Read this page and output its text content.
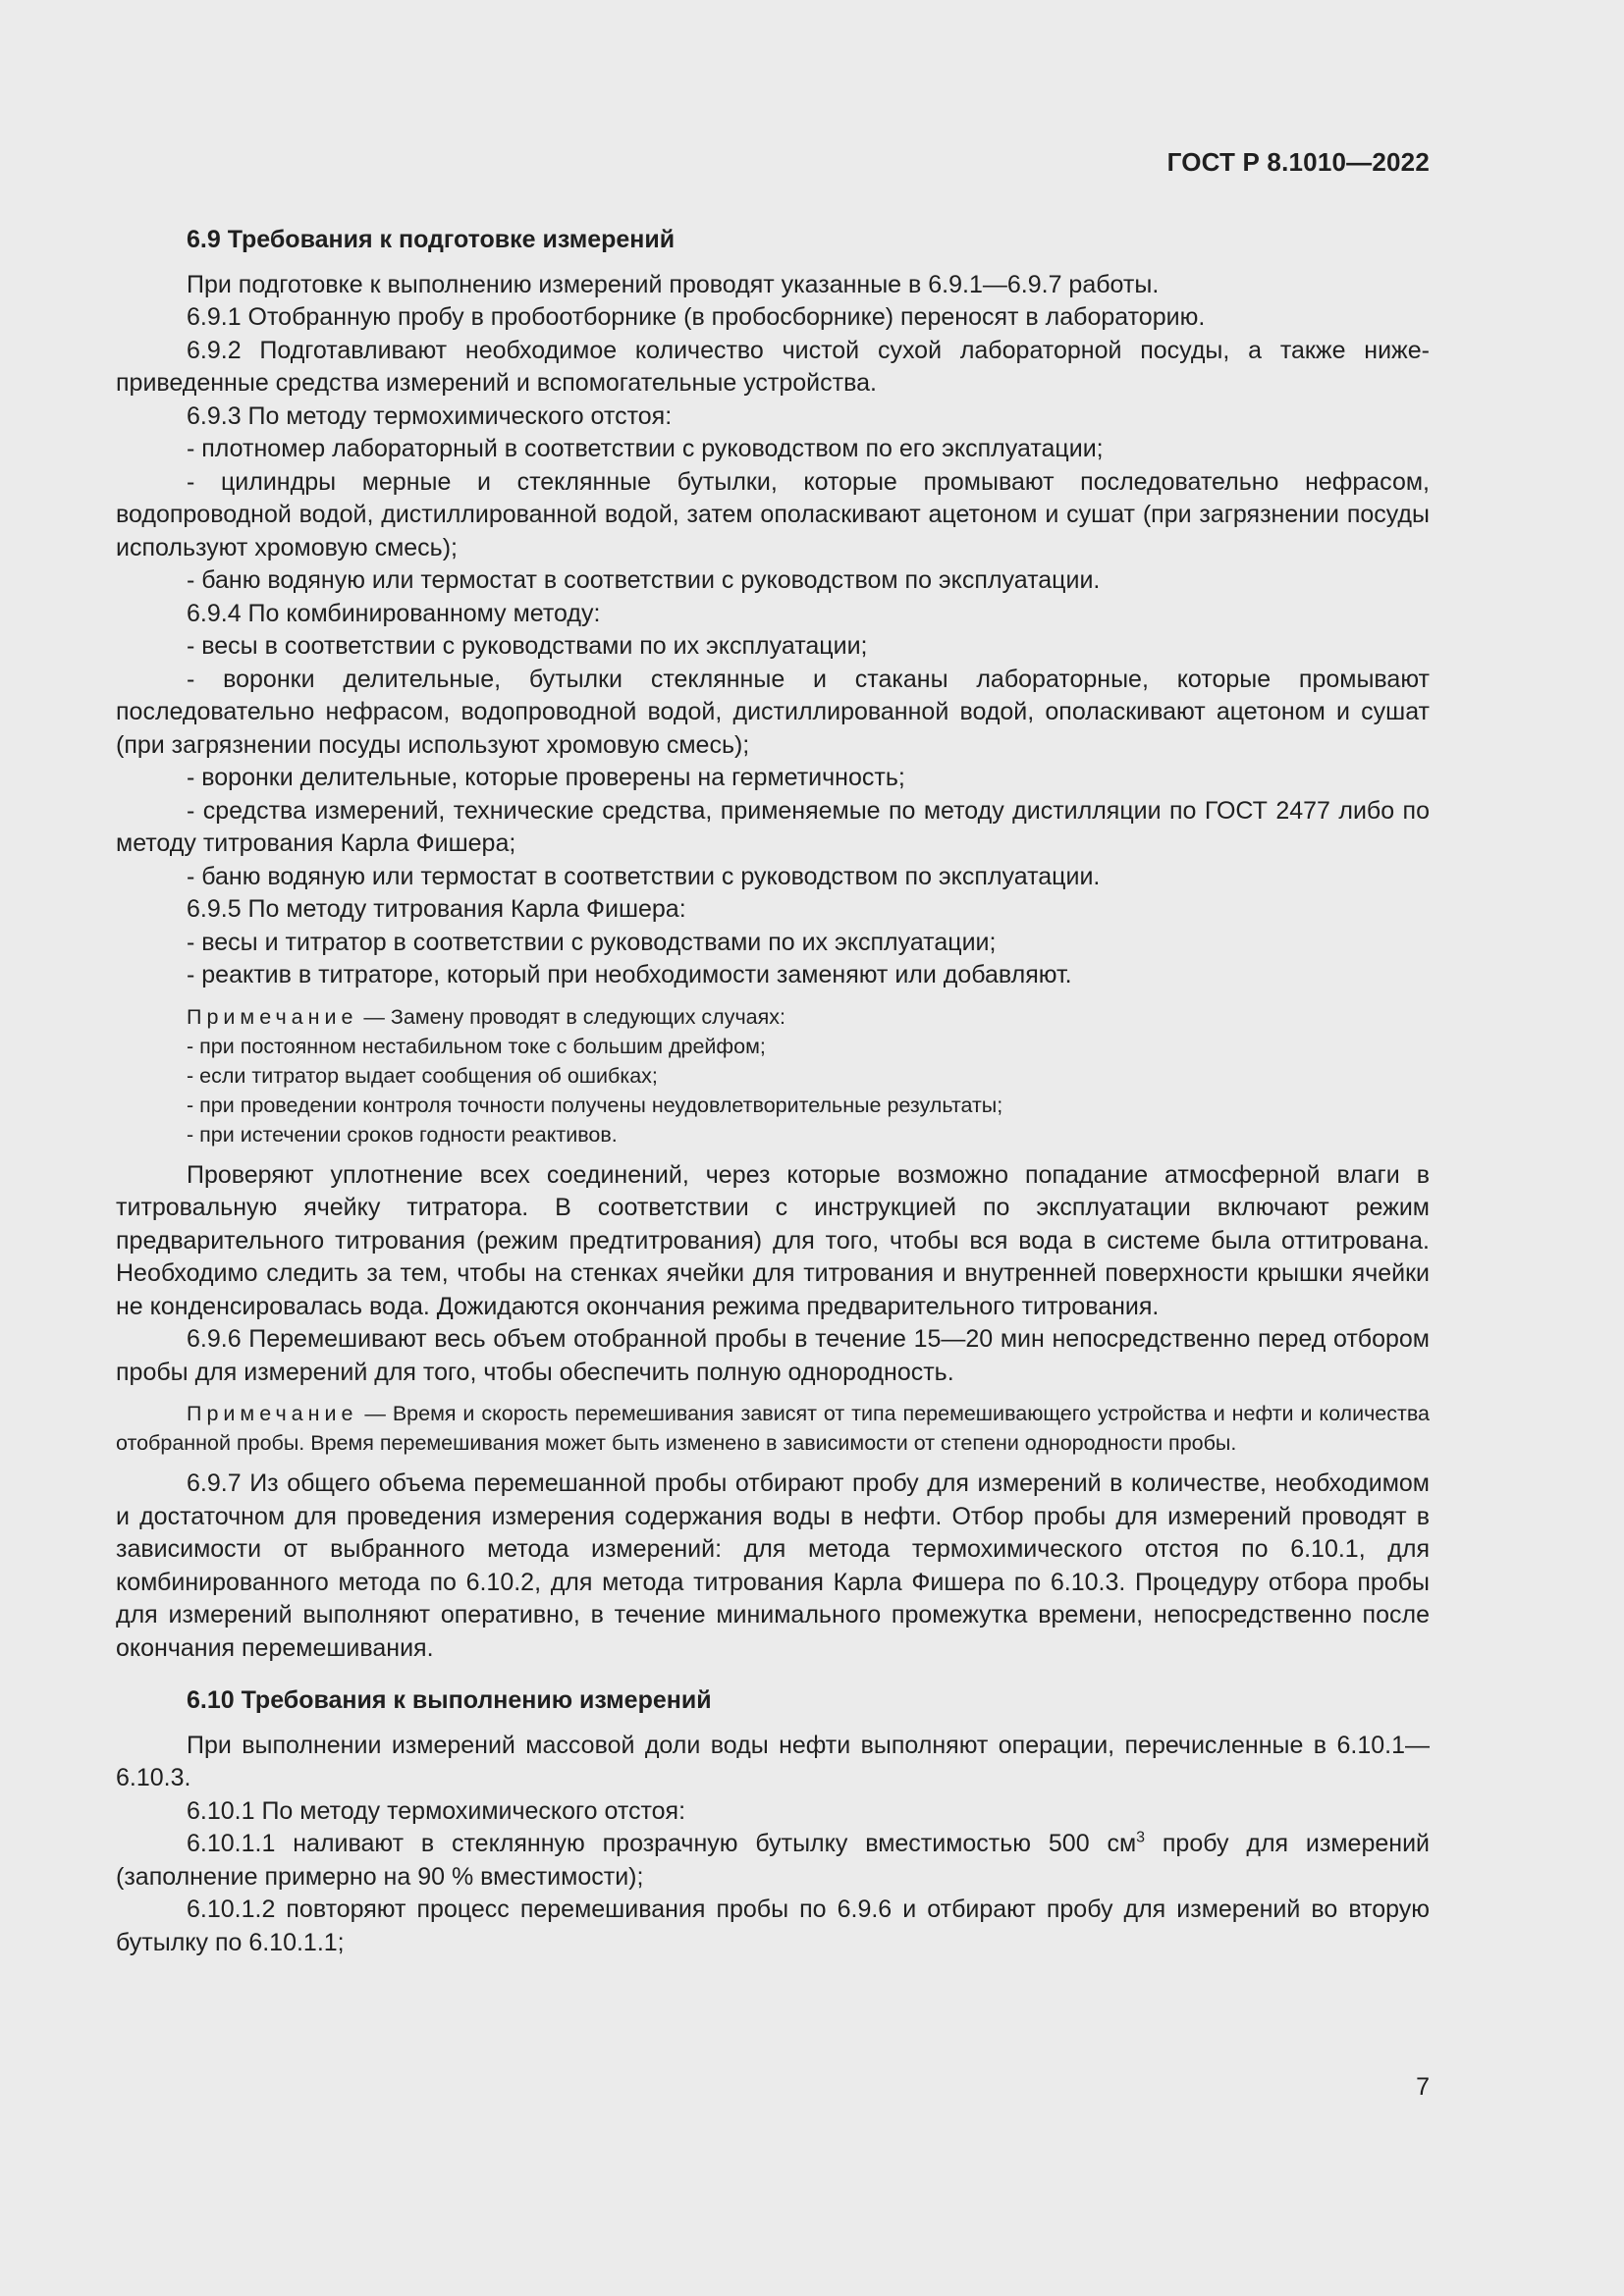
ГОСТ Р 8.1010—2022

6.9 Требования к подготовке измерений

При подготовке к выполнению измерений проводят указанные в 6.9.1—6.9.7 работы.

6.9.1 Отобранную пробу в пробоотборнике (в пробосборнике) переносят в лабораторию.

6.9.2 Подготавливают необходимое количество чистой сухой лабораторной посуды, а также ниже-приведенные средства измерений и вспомогательные устройства.

6.9.3 По методу термохимического отстоя:

- плотномер лабораторный в соответствии с руководством по его эксплуатации;

- цилиндры мерные и стеклянные бутылки, которые промывают последовательно нефрасом, водопроводной водой, дистиллированной водой, затем ополаскивают ацетоном и сушат (при загрязнении посуды используют хромовую смесь);

- баню водяную или термостат в соответствии с руководством по эксплуатации.

6.9.4 По комбинированному методу:

- весы в соответствии с руководствами по их эксплуатации;

- воронки делительные, бутылки стеклянные и стаканы лабораторные, которые промывают последовательно нефрасом, водопроводной водой, дистиллированной водой, ополаскивают ацетоном и сушат (при загрязнении посуды используют хромовую смесь);

- воронки делительные, которые проверены на герметичность;

- средства измерений, технические средства, применяемые по методу дистилляции по ГОСТ 2477 либо по методу титрования Карла Фишера;

- баню водяную или термостат в соответствии с руководством по эксплуатации.

6.9.5 По методу титрования Карла Фишера:

- весы и титратор в соответствии с руководствами по их эксплуатации;

- реактив в титраторе, который при необходимости заменяют или добавляют.

Примечание — Замену проводят в следующих случаях:

- при постоянном нестабильном токе с большим дрейфом;

- если титратор выдает сообщения об ошибках;

- при проведении контроля точности получены неудовлетворительные результаты;

- при истечении сроков годности реактивов.

Проверяют уплотнение всех соединений, через которые возможно попадание атмосферной влаги в титровальную ячейку титратора. В соответствии с инструкцией по эксплуатации включают режим предварительного титрования (режим предтитрования) для того, чтобы вся вода в системе была оттитрована. Необходимо следить за тем, чтобы на стенках ячейки для титрования и внутренней поверхности крышки ячейки не конденсировалась вода. Дожидаются окончания режима предварительного титрования.

6.9.6 Перемешивают весь объем отобранной пробы в течение 15—20 мин непосредственно перед отбором пробы для измерений для того, чтобы обеспечить полную однородность.

Примечание — Время и скорость перемешивания зависят от типа перемешивающего устройства и нефти и количества отобранной пробы. Время перемешивания может быть изменено в зависимости от степени однородности пробы.

6.9.7 Из общего объема перемешанной пробы отбирают пробу для измерений в количестве, необходимом и достаточном для проведения измерения содержания воды в нефти. Отбор пробы для измерений проводят в зависимости от выбранного метода измерений: для метода термохимического отстоя по 6.10.1, для комбинированного метода по 6.10.2, для метода титрования Карла Фишера по 6.10.3. Процедуру отбора пробы для измерений выполняют оперативно, в течение минимального промежутка времени, непосредственно после окончания перемешивания.

6.10 Требования к выполнению измерений

При выполнении измерений массовой доли воды нефти выполняют операции, перечисленные в 6.10.1—6.10.3.

6.10.1 По методу термохимического отстоя:

6.10.1.1 наливают в стеклянную прозрачную бутылку вместимостью 500 $см^3$ пробу для измерений (заполнение примерно на 90 % вместимости);

6.10.1.2 повторяют процесс перемешивания пробы по 6.9.6 и отбирают пробу для измерений во вторую бутылку по 6.10.1.1;

7
